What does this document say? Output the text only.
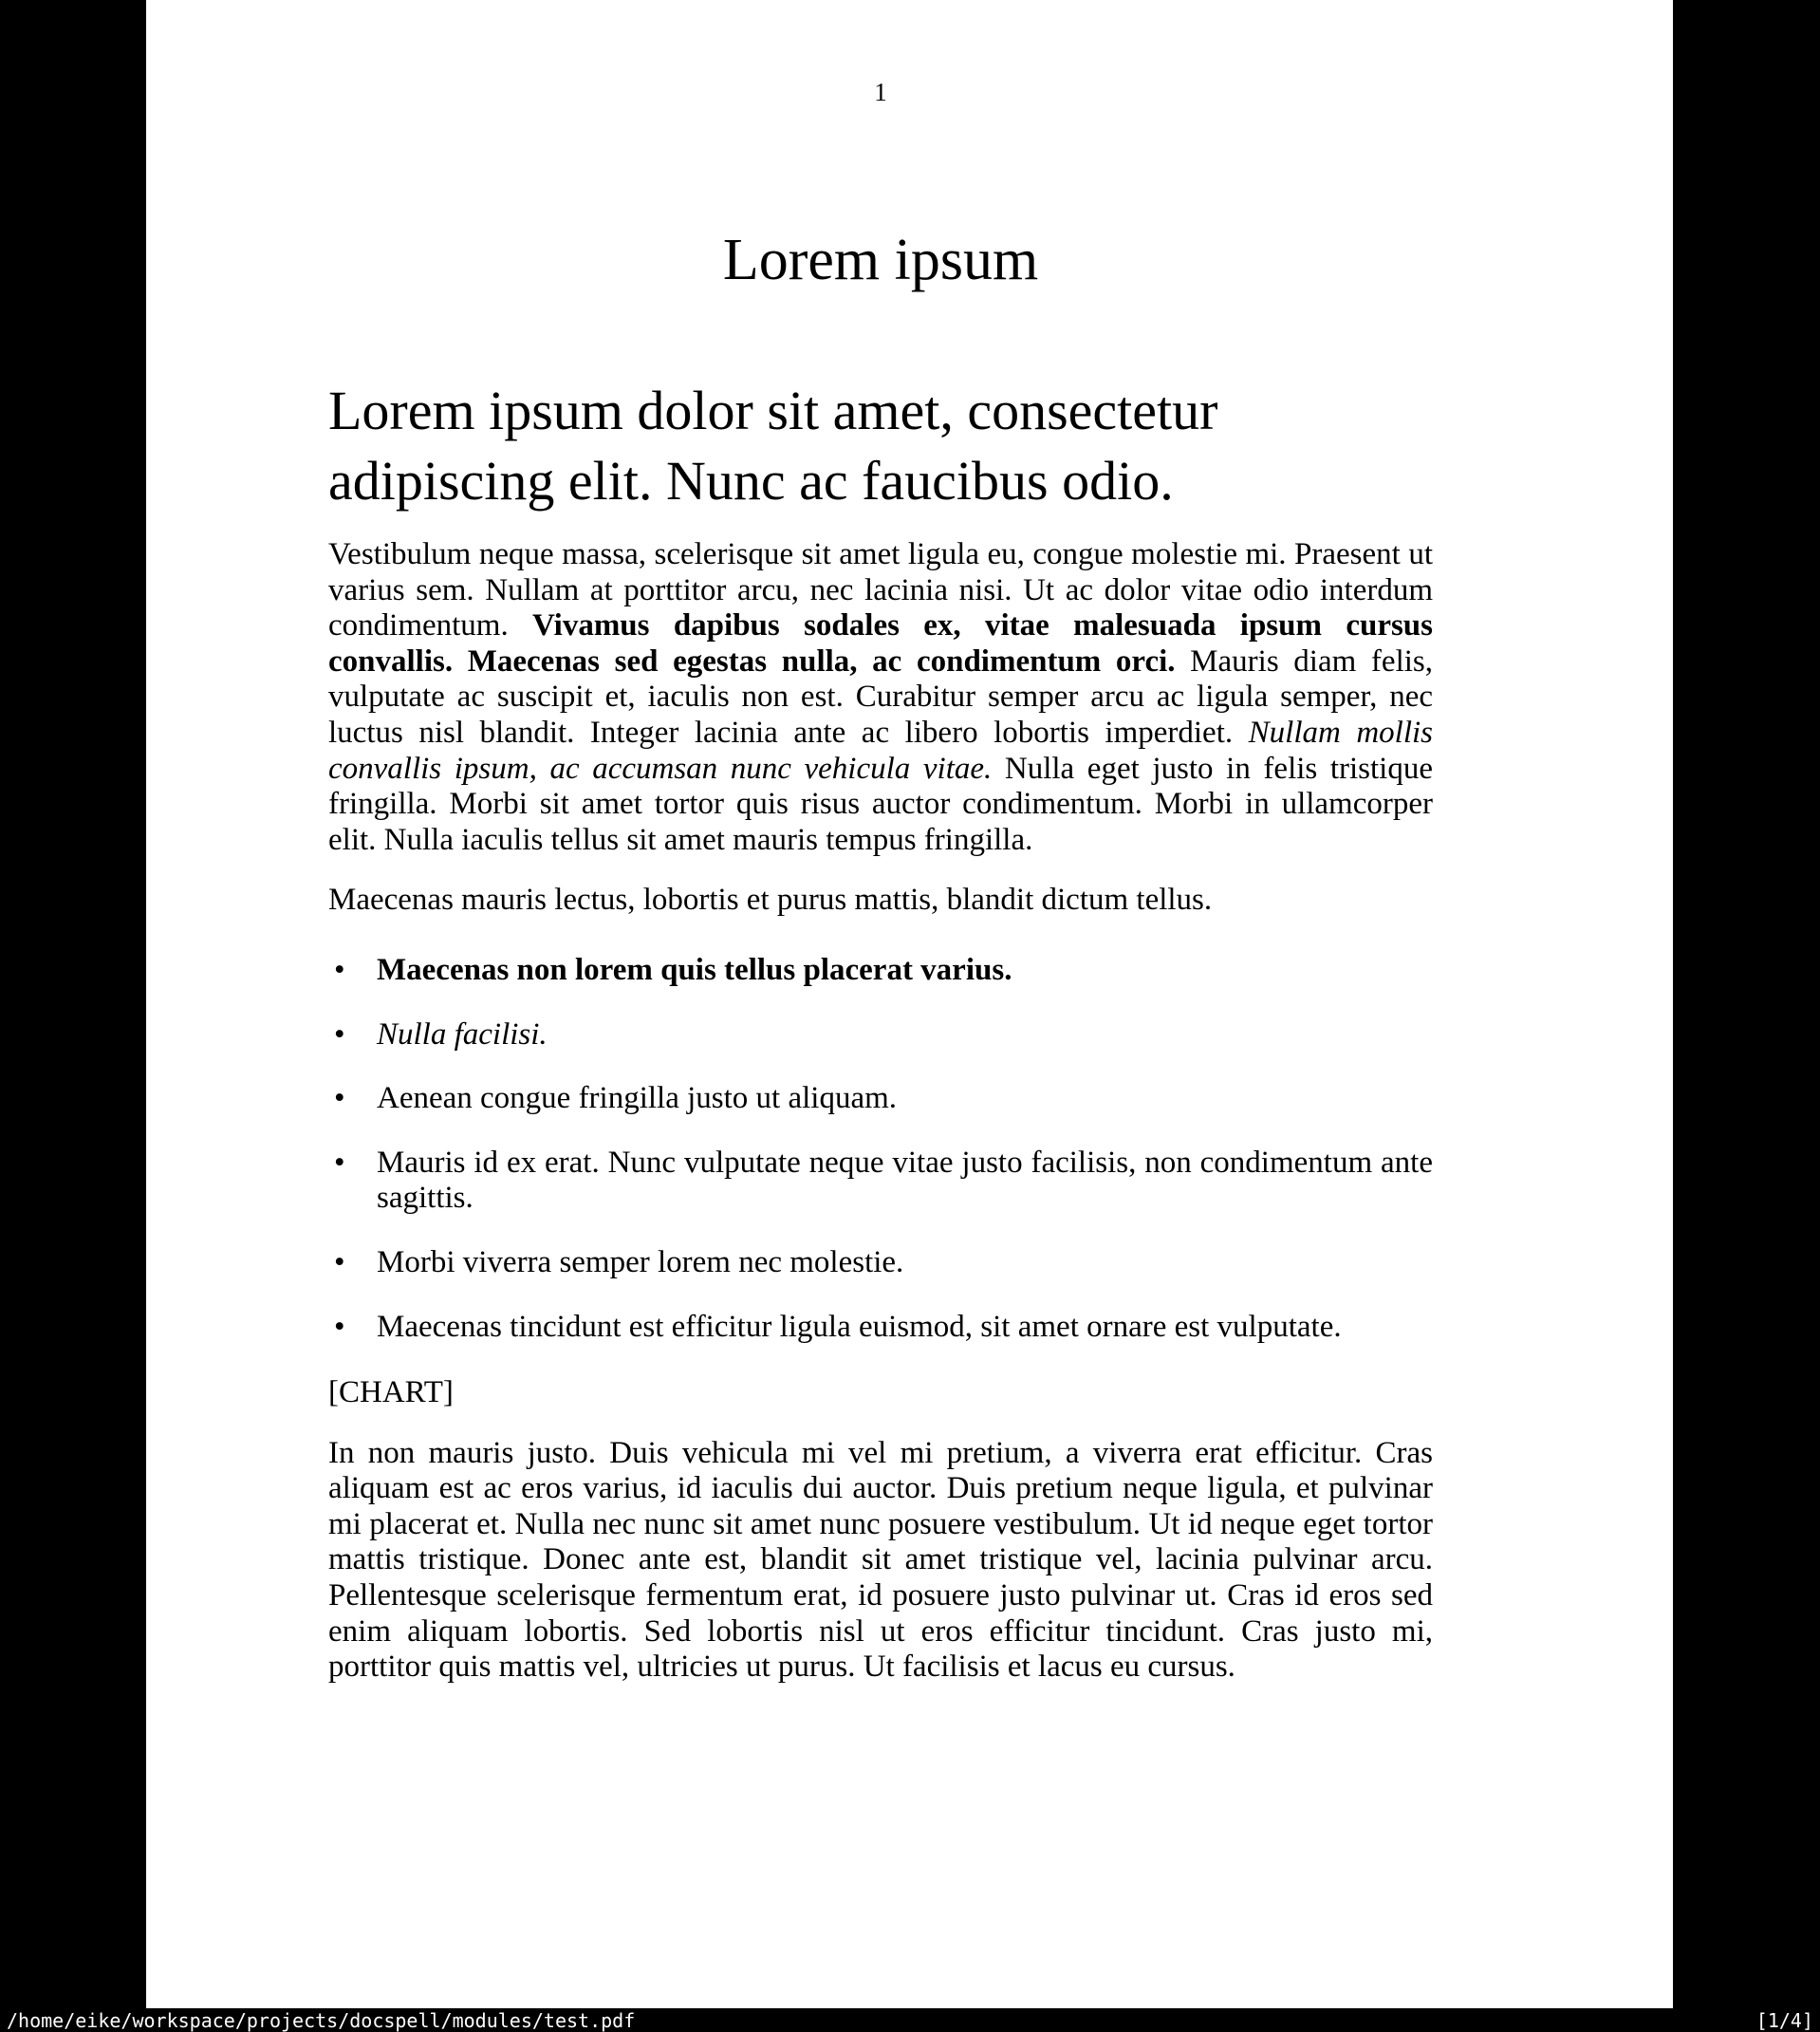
1
Lorem ipsum
Lorem ipsum dolor sit amet, consectetur adipiscing elit. Nunc ac faucibus odio.

Vestibulum neque massa, scelerisque sit amet ligula eu, congue molestie mi. Praesent ut varius sem. Nullam at porttitor arcu, nec lacinia nisi. Ut ac dolor vitae odio interdum condimentum. Vivamus dapibus sodales ex, vitae malesuada ipsum cursus convallis. Maecenas sed egestas nulla, ac condimentum orci. Mauris diam felis, vulputate ac suscipit et, iaculis non est. Curabitur semper arcu ac ligula semper, nec luctus nisl blandit. Integer lacinia ante ac libero lobortis imperdiet. Nullam mollis convallis ipsum, ac accumsan nunc vehicula vitae. Nulla eget justo in felis tristique fringilla. Morbi sit amet tortor quis risus auctor condimentum. Morbi in ullamcorper elit. Nulla iaculis tellus sit amet mauris tempus fringilla.

Maecenas mauris lectus, lobortis et purus mattis, blandit dictum tellus.

• Maecenas non lorem quis tellus placerat varius.
• Nulla facilisi.
• Aenean congue fringilla justo ut aliquam.
• Mauris id ex erat. Nunc vulputate neque vitae justo facilisis, non condimentum ante sagittis.
• Morbi viverra semper lorem nec molestie.
• Maecenas tincidunt est efficitur ligula euismod, sit amet ornare est vulputate.

[CHART]

In non mauris justo. Duis vehicula mi vel mi pretium, a viverra erat efficitur. Cras aliquam est ac eros varius, id iaculis dui auctor. Duis pretium neque ligula, et pulvinar mi placerat et. Nulla nec nunc sit amet nunc posuere vestibulum. Ut id neque eget tortor mattis tristique. Donec ante est, blandit sit amet tristique vel, lacinia pulvinar arcu. Pellentesque scelerisque fermentum erat, id posuere justo pulvinar ut. Cras id eros sed enim aliquam lobortis. Sed lobortis nisl ut eros efficitur tincidunt. Cras justo mi, porttitor quis mattis vel, ultricies ut purus. Ut facilisis et lacus eu cursus.

/home/eike/workspace/projects/docspell/modules/test.pdf	[1/4]
